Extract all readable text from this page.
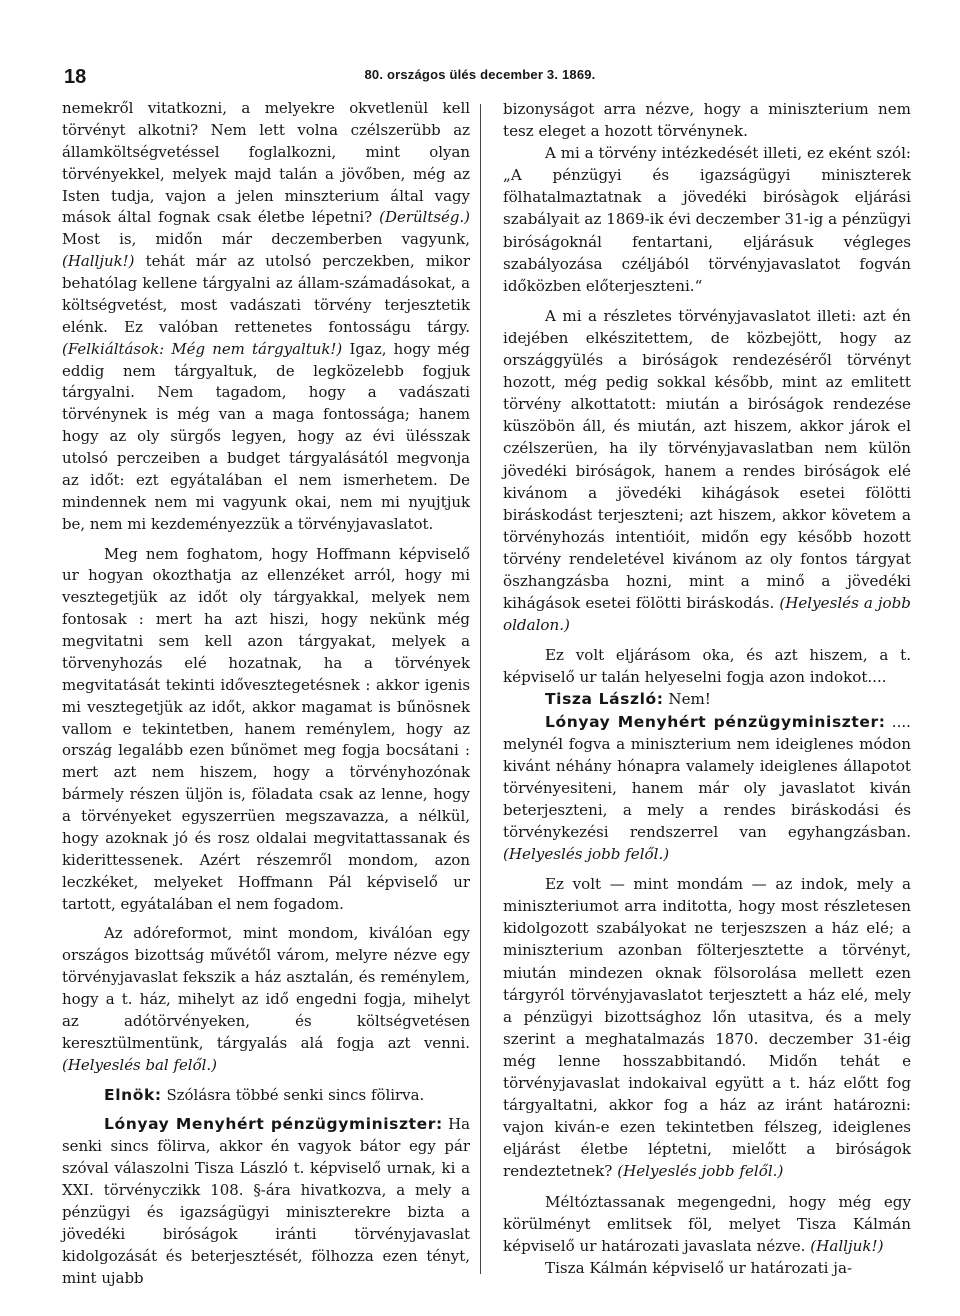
18	80. országos ülés december 3. 1869.

nemekről vitatkozni, a melyekre okvetlenül kell törvényt alkotni? Nem lett volna czélszerübb az államköltségvetéssel foglalkozni, mint olyan törvényekkel, melyek majd talán a jövőben, még az Isten tudja, vajon a jelen minszterium által vagy mások által fognak csak életbe lépetni? (Derültség.) Most is, midőn már deczemberben vagyunk, (Halljuk!) tehát már az utolsó perczekben, mikor behatólag kellene tárgyalni az állam-számadásokat, a költségvetést, most vadászati törvény terjesztetik elénk. Ez valóban rettenetes fontosságu tárgy. (Felkiáltások: Még nem tárgyaltuk!) Igaz, hogy még eddig nem tárgyaltuk, de legközelebb fogjuk tárgyalni. Nem tagadom, hogy a vadászati törvénynek is még van a maga fontossága; hanem hogy az oly sürgős legyen, hogy az évi ülésszak utolsó perczeiben a budget tárgyalásától megvonja az időt: ezt egyátalában el nem ismerhetem. De mindennek nem mi vagyunk okai, nem mi nyujtjuk be, nem mi kezdeményezzük a törvényjavaslatot.

Meg nem foghatom, hogy Hoffmann képviselő ur hogyan okozthatja az ellenzéket arról, hogy mi vesztegetjük az időt oly tárgyakkal, melyek nem fontosak : mert ha azt hiszi, hogy nekünk még megvitatni sem kell azon tárgyakat, melyek a törvenyhozás elé hozatnak, ha a törvények megvitatását tekinti idővesztegetésnek : akkor igenis mi vesztegetjük az időt, akkor magamat is bűnösnek vallom e tekintetben, hanem reménylem, hogy az ország legalább ezen bűnömet meg fogja bocsátani : mert azt nem hiszem, hogy a törvényhozónak bármely részen üljön is, föladata csak az lenne, hogy a törvényeket egyszerrüen megszavazza, a nélkül, hogy azoknak jó és rosz oldalai megvitattassanak és kiderittessenek. Azért részemről mondom, azon leczkéket, melyeket Hoffmann Pál képviselő ur tartott, egyátalában el nem fogadom.

Az adóreformot, mint mondom, kiválóan egy országos bizottság művétől várom, melyre nézve egy törvényjavaslat fekszik a ház asztalán, és reménylem, hogy a t. ház, mihelyt az idő engedni fogja, mihelyt az adótörvényeken, és költségvetésen keresztülmentünk, tárgyalás alá fogja azt venni. (Helyeslés bal felől.)

Elnök: Szólásra többé senki sincs fölirva.

Lónyay Menyhért pénzügyminiszter: Ha senki sincs fölirva, akkor én vagyok bátor egy pár szóval válaszolni Tisza László t. képviselő urnak, ki a XXI. törvényczikk 108. §-ára hivatkozva, a mely a pénzügyi és igazságügyi miniszterekre bizta a jövedéki biróságok iránti törvényjavaslat kidolgozását és beterjesztését, fölhozza ezen tényt, mint ujabb

bizonyságot arra nézve, hogy a miniszterium nem tesz eleget a hozott törvénynek.

A mi a törvény intézkedését illeti, ez eként szól: „A pénzügyi és igazságügyi miniszterek fölhatalmaztatnak a jövedéki birósàgok eljárási szabályait az 1869-ik évi deczember 31-ig a pénzügyi biróságoknál fentartani, eljárásuk végleges szabályozása czéljából törvényjavaslatot fogván időközben előterjeszteni.“

A mi a részletes törvényjavaslatot illeti: azt én idejében elkészitettem, de közbejött, hogy az országgyülés a biróságok rendezéséről törvényt hozott, még pedig sokkal később, mint az emlitett törvény alkottatott: miután a biróságok rendezése küszöbön áll, és miután, azt hiszem, akkor járok el czélszerüen, ha ily törvényjavaslatban nem külön jövedéki biróságok, hanem a rendes biróságok elé kivánom a jövedéki kihágások esetei fölötti biráskodást terjeszteni; azt hiszem, akkor követem a törvényhozás intentióit, midőn egy később hozott törvény rendeletével kivánom az oly fontos tárgyat öszhangzásba hozni, mint a minő a jövedéki kihágások esetei fölötti biráskodás. (Helyeslés a jobb oldalon.)

Ez volt eljárásom oka, és azt hiszem, a t. képviselő ur talán helyeselni fogja azon indokot....

Tisza László: Nem!

Lónyay Menyhért pénzügyminiszter: .... melynél fogva a miniszterium nem ideiglenes módon kivánt néhány hónapra valamely ideiglenes állapotot törvényesiteni, hanem már oly javaslatot kiván beterjeszteni, a mely a rendes biráskodási és törvénykezési rendszerrel van egyhangzásban. (Helyeslés jobb felől.)

Ez volt — mint mondám — az indok, mely a miniszteriumot arra inditotta, hogy most részletesen kidolgozott szabályokat ne terjeszszen a ház elé; a miniszterium azonban fölterjesztette a törvényt, miután mindezen oknak fölsorolása mellett ezen tárgyról törvényjavaslatot terjesztett a ház elé, mely a pénzügyi bizottsághoz lőn utasitva, és a mely szerint a meghatalmazás 1870. deczember 31-éig még lenne hosszabbitandó. Midőn tehát e törvényjavaslat indokaival együtt a t. ház előtt fog tárgyaltatni, akkor fog a ház az iránt határozni: vajon kiván-e ezen tekintetben félszeg, ideiglenes eljárást életbe léptetni, mielőtt a biróságok rendeztetnek? (Helyeslés jobb felől.)

Méltóztassanak megengedni, hogy még egy körülményt emlitsek föl, melyet Tisza Kálmán képviselő ur határozati javaslata nézve. (Halljuk!)

Tisza Kálmán képviselő ur határozati ja-
